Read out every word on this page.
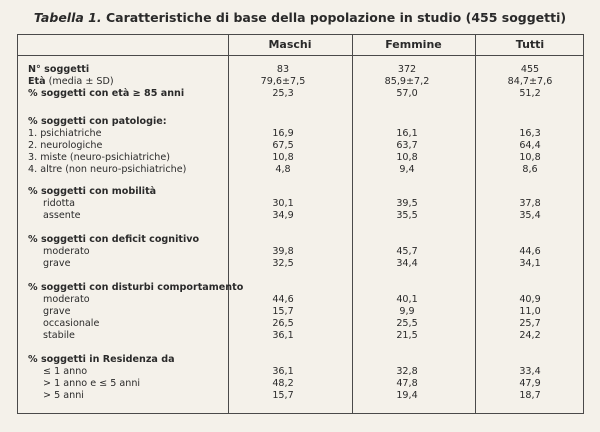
Tabella 1. Caratteristiche di base della popolazione in studio (455 soggetti)
Maschi	Femmine	Tutti
N° soggetti	83	372	455
Età (media ± SD)	79,6±7,5	85,9±7,2	84,7±7,6
% soggetti con età ≥ 85 anni	25,3	57,0	51,2
% soggetti con patologie:
1. psichiatriche	16,9	16,1	16,3
2. neurologiche	67,5	63,7	64,4
3. miste (neuro-psichiatriche)	10,8	10,8	10,8
4. altre (non neuro-psichiatriche)	4,8	9,4	8,6
% soggetti con mobilità
ridotta	30,1	39,5	37,8
assente	34,9	35,5	35,4
% soggetti con deficit cognitivo
moderato	39,8	45,7	44,6
grave	32,5	34,4	34,1
% soggetti con disturbi comportamento
moderato	44,6	40,1	40,9
grave	15,7	9,9	11,0
occasionale	26,5	25,5	25,7
stabile	36,1	21,5	24,2
% soggetti in Residenza da
≤ 1 anno	36,1	32,8	33,4
> 1 anno e ≤ 5 anni	48,2	47,8	47,9
> 5 anni	15,7	19,4	18,7
